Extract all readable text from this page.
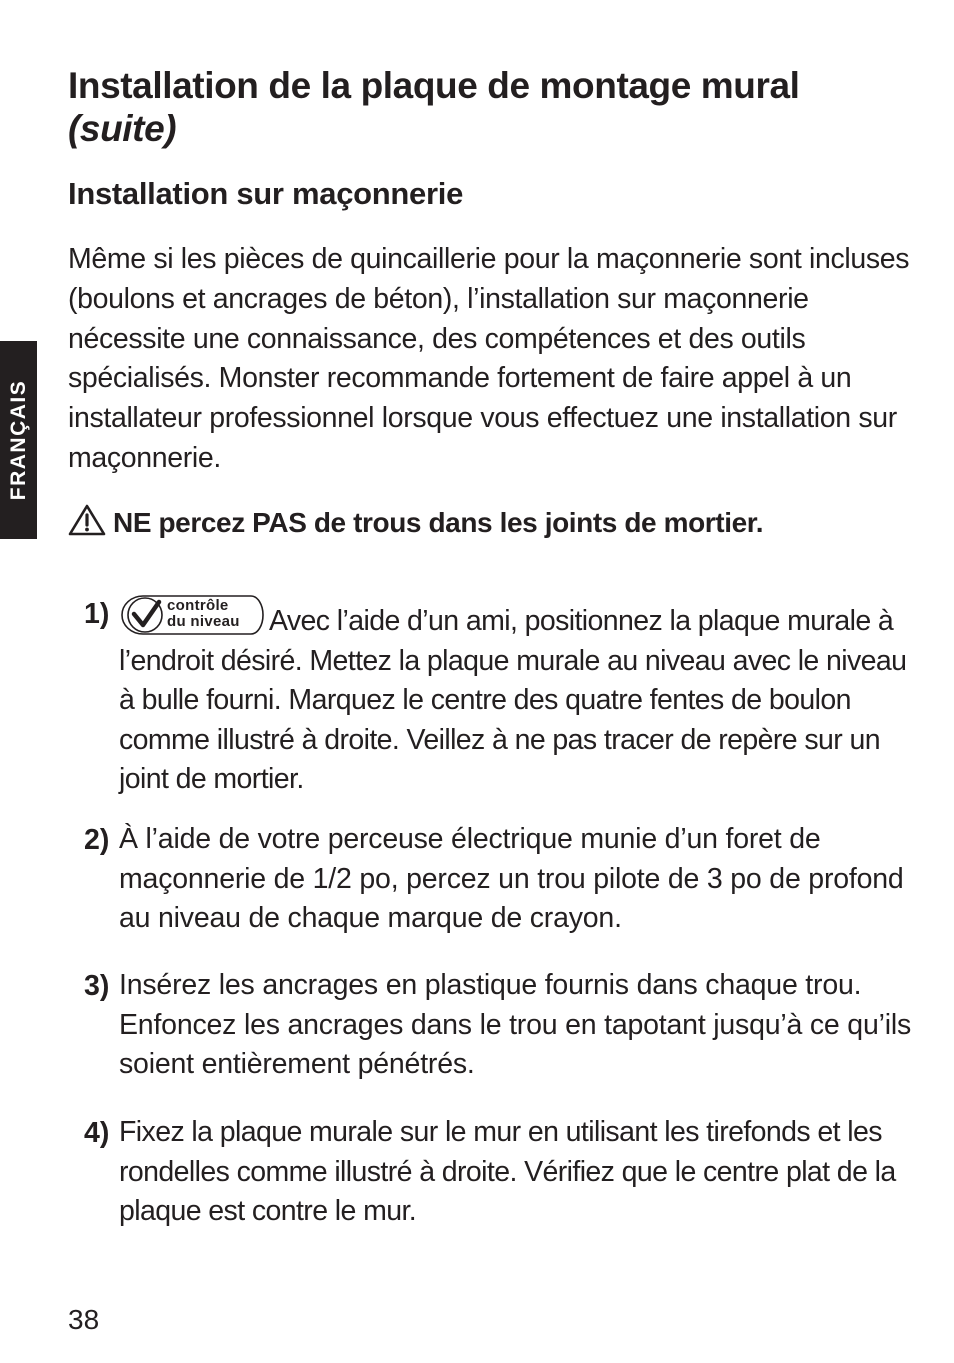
FRANÇAIS
Installation de la plaque de montage mural (suite)
Installation sur maçonnerie

Même si les pièces de quincaillerie pour la maçonnerie sont incluses (boulons et ancrages de béton), l’installation sur maçonnerie nécessite une connaissance, des compétences et des outils spécialisés. Monster recommande fortement de faire appel à un installateur professionnel lorsque vous effectuez une installation sur maçonnerie.

NE percez PAS de trous dans les joints de mortier.

1)	contrôle
du niveau Avec l’aide d’un ami, positionnez la plaque murale à l’endroit désiré. Mettez la plaque murale au niveau avec le niveau à bulle fourni. Marquez le centre des quatre fentes de boulon comme illustré à droite. Veillez à ne pas tracer de repère sur un joint de mortier.

2) À l’aide de votre perceuse électrique munie d’un foret de maçonnerie de 1/2 po, percez un trou pilote de 3 po de profond au niveau de chaque marque de crayon.

3) Insérez les ancrages en plastique fournis dans chaque trou. Enfoncez les ancrages dans le trou en tapotant jusqu’à ce qu’ils soient entièrement pénétrés.

4) Fixez la plaque murale sur le mur en utilisant les tirefonds et les rondelles comme illustré à droite. Vérifiez que le centre plat de la plaque est contre le mur.

38
